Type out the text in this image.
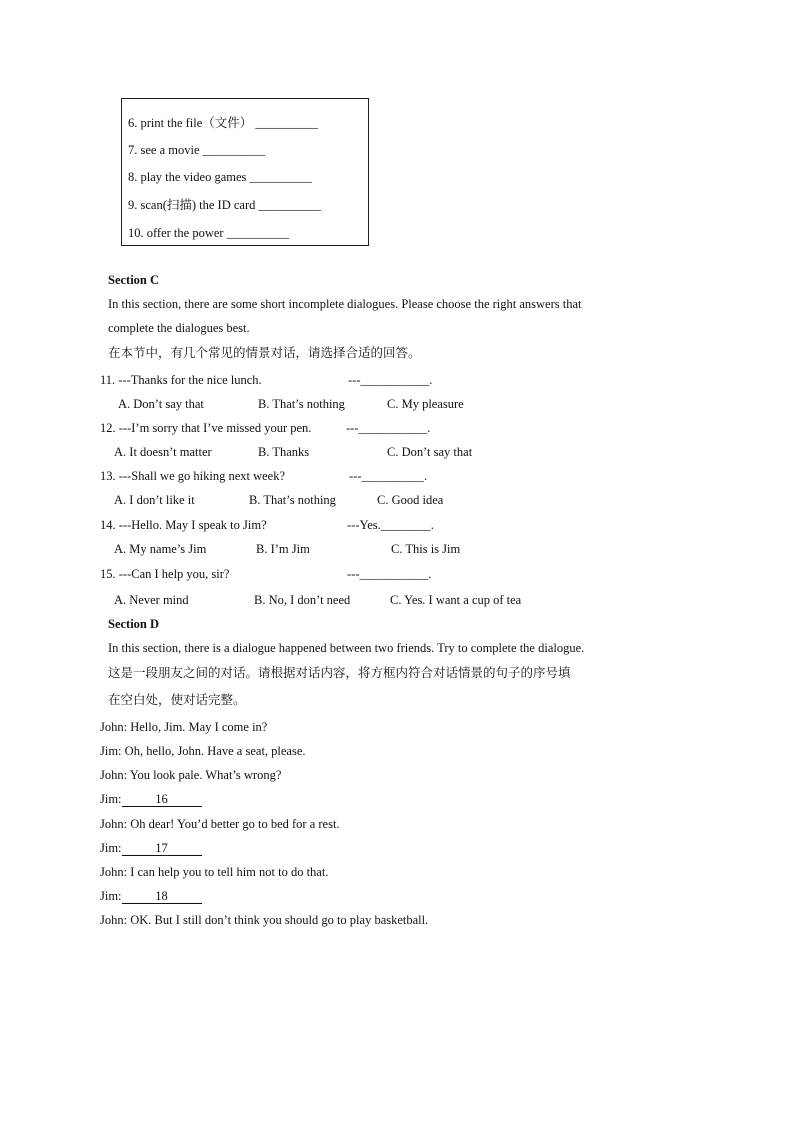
6. print the file（文件） __________
7. see a movie __________
8. play the video games __________
9. scan(扫描) the ID card __________
10. offer the power __________
Section C
In this section, there are some short incomplete dialogues. Please choose the right answers that
complete the dialogues best.
在本节中，有几个常见的情景对话，请选择合适的回答。
11. ---Thanks for the nice lunch.	---___________.
A. Don’t say that	B. That’s nothing	C. My pleasure
12. ---I’m sorry that I’ve missed your pen.	---___________.
A. It doesn’t matter	B. Thanks	C. Don’t say that
13. ---Shall we go hiking next week?	---__________.
A. I don’t like it	B. That’s nothing	C. Good idea
14. ---Hello. May I speak to Jim?	---Yes.________.
A. My name’s Jim	B. I’m Jim	C. This is Jim
15. ---Can I help you, sir?	---___________.
A. Never mind	B. No, I don’t need	C. Yes. I want a cup of tea
Section D
In this section, there is a dialogue happened between two friends. Try to complete the dialogue.
这是一段朋友之间的对话。请根据对话内容，将方框内符合对话情景的句子的序号填
在空白处，使对话完整。
John: Hello, Jim. May I come in?
Jim: Oh, hello, John. Have a seat, please.
John: You look pale. What’s wrong?
Jim:	16
John: Oh dear! You’d better go to bed for a rest.
Jim:	17
John: I can help you to tell him not to do that.
Jim:	18
John: OK. But I still don’t think you should go to play basketball.
